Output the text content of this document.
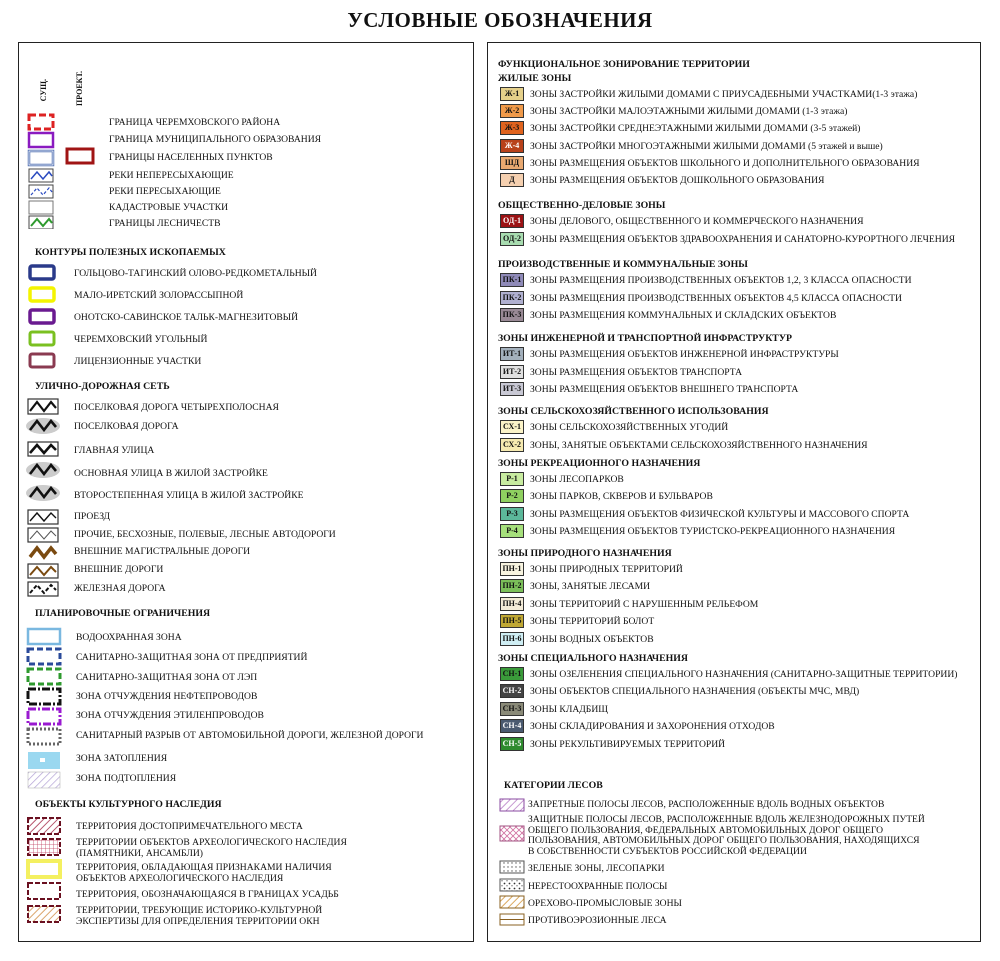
УСЛОВНЫЕ ОБОЗНАЧЕНИЯ
СУЩ.	ПРОЕКТ.
ГРАНИЦА ЧЕРЕМХОВСКОГО РАЙОНА
ГРАНИЦА МУНИЦИПАЛЬНОГО ОБРАЗОВАНИЯ
ГРАНИЦЫ НАСЕЛЕННЫХ ПУНКТОВ
РЕКИ НЕПЕРЕСЫХАЮЩИЕ
РЕКИ ПЕРЕСЫХАЮЩИЕ
КАДАСТРОВЫЕ УЧАСТКИ
ГРАНИЦЫ ЛЕСНИЧЕСТВ
КОНТУРЫ ПОЛЕЗНЫХ ИСКОПАЕМЫХ
ГОЛЬЦОВО-ТАГИНСКИЙ ОЛОВО-РЕДКОМЕТАЛЬНЫЙ
МАЛО-ИРЕТСКИЙ ЗОЛОРАССЫПНОЙ
ОНОТСКО-САВИНСКОЕ ТАЛЬК-МАГНЕЗИТОВЫЙ
ЧЕРЕМХОВСКИЙ УГОЛЬНЫЙ
ЛИЦЕНЗИОННЫЕ УЧАСТКИ
УЛИЧНО-ДОРОЖНАЯ СЕТЬ
ПОСЕЛКОВАЯ ДОРОГА ЧЕТЫРЕХПОЛОСНАЯ
ПОСЕЛКОВАЯ ДОРОГА
ГЛАВНАЯ УЛИЦА
ОСНОВНАЯ УЛИЦА В ЖИЛОЙ ЗАСТРОЙКЕ
ВТОРОСТЕПЕННАЯ УЛИЦА В ЖИЛОЙ ЗАСТРОЙКЕ
ПРОЕЗД
ПРОЧИЕ, БЕСХОЗНЫЕ, ПОЛЕВЫЕ, ЛЕСНЫЕ АВТОДОРОГИ
ВНЕШНИЕ МАГИСТРАЛЬНЫЕ ДОРОГИ
ВНЕШНИЕ ДОРОГИ
ЖЕЛЕЗНАЯ ДОРОГА
ПЛАНИРОВОЧНЫЕ ОГРАНИЧЕНИЯ
ВОДООХРАННАЯ ЗОНА
САНИТАРНО-ЗАЩИТНАЯ ЗОНА ОТ ПРЕДПРИЯТИЙ
САНИТАРНО-ЗАЩИТНАЯ ЗОНА ОТ ЛЭП
ЗОНА ОТЧУЖДЕНИЯ НЕФТЕПРОВОДОВ
ЗОНА ОТЧУЖДЕНИЯ ЭТИЛЕНПРОВОДОВ
САНИТАРНЫЙ РАЗРЫВ ОТ АВТОМОБИЛЬНОЙ ДОРОГИ, ЖЕЛЕЗНОЙ ДОРОГИ
ЗОНА ЗАТОПЛЕНИЯ
ЗОНА ПОДТОПЛЕНИЯ
ОБЪЕКТЫ КУЛЬТУРНОГО НАСЛЕДИЯ
ТЕРРИТОРИЯ ДОСТОПРИМЕЧАТЕЛЬНОГО МЕСТА
ТЕРРИТОРИИ ОБЪЕКТОВ АРХЕОЛОГИЧЕСКОГО НАСЛЕДИЯ (ПАМЯТНИКИ, АНСАМБЛИ)
ТЕРРИТОРИЯ, ОБЛАДАЮЩАЯ ПРИЗНАКАМИ НАЛИЧИЯ ОБЪЕКТОВ АРХЕОЛОГИЧЕСКОГО НАСЛЕДИЯ
ТЕРРИТОРИЯ, ОБОЗНАЧАЮЩАЯСЯ В ГРАНИЦАХ УСАДЬБ
ТЕРРИТОРИИ, ТРЕБУЮЩИЕ ИСТОРИКО-КУЛЬТУРНОЙ ЭКСПЕРТИЗЫ ДЛЯ ОПРЕДЕЛЕНИЯ ТЕРРИТОРИИ ОКН
ФУНКЦИОНАЛЬНОЕ ЗОНИРОВАНИЕ ТЕРРИТОРИИ
ЖИЛЫЕ ЗОНЫ
Ж-1	ЗОНЫ ЗАСТРОЙКИ ЖИЛЫМИ ДОМАМИ С ПРИУСАДЕБНЫМИ УЧАСТКАМИ(1-3 этажа)
Ж-2	ЗОНЫ ЗАСТРОЙКИ МАЛОЭТАЖНЫМИ ЖИЛЫМИ ДОМАМИ (1-3 этажа)
Ж-3	ЗОНЫ ЗАСТРОЙКИ СРЕДНЕЭТАЖНЫМИ ЖИЛЫМИ ДОМАМИ (3-5 этажей)
Ж-4	ЗОНЫ ЗАСТРОЙКИ МНОГОЭТАЖНЫМИ ЖИЛЫМИ ДОМАМИ (5 этажей и выше)
ШД	ЗОНЫ РАЗМЕЩЕНИЯ ОБЪЕКТОВ ШКОЛЬНОГО И ДОПОЛНИТЕЛЬНОГО ОБРАЗОВАНИЯ
Д	ЗОНЫ РАЗМЕЩЕНИЯ ОБЪЕКТОВ ДОШКОЛЬНОГО ОБРАЗОВАНИЯ
ОБЩЕСТВЕННО-ДЕЛОВЫЕ ЗОНЫ
ОД-1 ЗОНЫ ДЕЛОВОГО, ОБЩЕСТВЕННОГО И КОММЕРЧЕСКОГО НАЗНАЧЕНИЯ
ОД-2 ЗОНЫ РАЗМЕЩЕНИЯ ОБЪЕКТОВ ЗДРАВООХРАНЕНИЯ И САНАТОРНО-КУРОРТНОГО ЛЕЧЕНИЯ
ПРОИЗВОДСТВЕННЫЕ И КОММУНАЛЬНЫЕ ЗОНЫ
ПК-1 ЗОНЫ РАЗМЕЩЕНИЯ ПРОИЗВОДСТВЕННЫХ ОБЪЕКТОВ 1,2, 3 КЛАССА ОПАСНОСТИ
ПК-2 ЗОНЫ РАЗМЕЩЕНИЯ ПРОИЗВОДСТВЕННЫХ ОБЪЕКТОВ 4,5 КЛАССА ОПАСНОСТИ
ПК-3 ЗОНЫ РАЗМЕЩЕНИЯ КОММУНАЛЬНЫХ И СКЛАДСКИХ ОБЪЕКТОВ
ЗОНЫ ИНЖЕНЕРНОЙ И ТРАНСПОРТНОЙ ИНФРАСТРУКТУР
ИТ-1 ЗОНЫ РАЗМЕЩЕНИЯ ОБЪЕКТОВ ИНЖЕНЕРНОЙ ИНФРАСТРУКТУРЫ
ИТ-2 ЗОНЫ РАЗМЕЩЕНИЯ ОБЪЕКТОВ ТРАНСПОРТА
ИТ-3 ЗОНЫ РАЗМЕЩЕНИЯ ОБЪЕКТОВ ВНЕШНЕГО ТРАНСПОРТА
ЗОНЫ СЕЛЬСКОХОЗЯЙСТВЕННОГО ИСПОЛЬЗОВАНИЯ
СХ-1 ЗОНЫ СЕЛЬСКОХОЗЯЙСТВЕННЫХ УГОДИЙ
СХ-2 ЗОНЫ, ЗАНЯТЫЕ ОБЪЕКТАМИ СЕЛЬСКОХОЗЯЙСТВЕННОГО НАЗНАЧЕНИЯ
ЗОНЫ РЕКРЕАЦИОННОГО НАЗНАЧЕНИЯ
Р-1	ЗОНЫ ЛЕСОПАРКОВ
Р-2	ЗОНЫ ПАРКОВ, СКВЕРОВ И БУЛЬВАРОВ
Р-3	ЗОНЫ РАЗМЕЩЕНИЯ ОБЪЕКТОВ ФИЗИЧЕСКОЙ КУЛЬТУРЫ И МАССОВОГО СПОРТА
Р-4	ЗОНЫ РАЗМЕЩЕНИЯ ОБЪЕКТОВ ТУРИСТСКО-РЕКРЕАЦИОННОГО НАЗНАЧЕНИЯ
ЗОНЫ ПРИРОДНОГО НАЗНАЧЕНИЯ
ПН-1 ЗОНЫ ПРИРОДНЫХ ТЕРРИТОРИЙ
ПН-2 ЗОНЫ, ЗАНЯТЫЕ ЛЕСАМИ
ПН-4 ЗОНЫ ТЕРРИТОРИЙ С НАРУШЕННЫМ РЕЛЬЕФОМ
ПН-5 ЗОНЫ ТЕРРИТОРИЙ БОЛОТ
ПН-6 ЗОНЫ ВОДНЫХ ОБЪЕКТОВ
ЗОНЫ СПЕЦИАЛЬНОГО НАЗНАЧЕНИЯ
СН-1 ЗОНЫ ОЗЕЛЕНЕНИЯ СПЕЦИАЛЬНОГО НАЗНАЧЕНИЯ (САНИТАРНО-ЗАЩИТНЫЕ ТЕРРИТОРИИ)
СН-2 ЗОНЫ ОБЪЕКТОВ СПЕЦИАЛЬНОГО НАЗНАЧЕНИЯ (ОБЪЕКТЫ МЧС, МВД)
СН-3 ЗОНЫ КЛАДБИЩ
СН-4 ЗОНЫ СКЛАДИРОВАНИЯ И ЗАХОРОНЕНИЯ ОТХОДОВ
СН-5 ЗОНЫ РЕКУЛЬТИВИРУЕМЫХ ТЕРРИТОРИЙ
КАТЕГОРИИ ЛЕСОВ
ЗАПРЕТНЫЕ ПОЛОСЫ ЛЕСОВ, РАСПОЛОЖЕННЫЕ ВДОЛЬ ВОДНЫХ ОБЪЕКТОВ
ЗАЩИТНЫЕ ПОЛОСЫ ЛЕСОВ, РАСПОЛОЖЕННЫЕ ВДОЛЬ ЖЕЛЕЗНОДОРОЖНЫХ ПУТЕЙ ОБЩЕГО ПОЛЬЗОВАНИЯ, ФЕДЕРАЛЬНЫХ АВТОМОБИЛЬНЫХ ДОРОГ ОБЩЕГО ПОЛЬЗОВАНИЯ, АВТОМОБИЛЬНЫХ ДОРОГ ОБЩЕГО ПОЛЬЗОВАНИЯ, НАХОДЯЩИХСЯ В СОБСТВЕННОСТИ СУБЪЕКТОВ РОССИЙСКОЙ ФЕДЕРАЦИИ
ЗЕЛЕНЫЕ ЗОНЫ, ЛЕСОПАРКИ
НЕРЕСТООХРАННЫЕ ПОЛОСЫ
ОРЕХОВО-ПРОМЫСЛОВЫЕ ЗОНЫ
ПРОТИВОЭРОЗИОННЫЕ ЛЕСА
